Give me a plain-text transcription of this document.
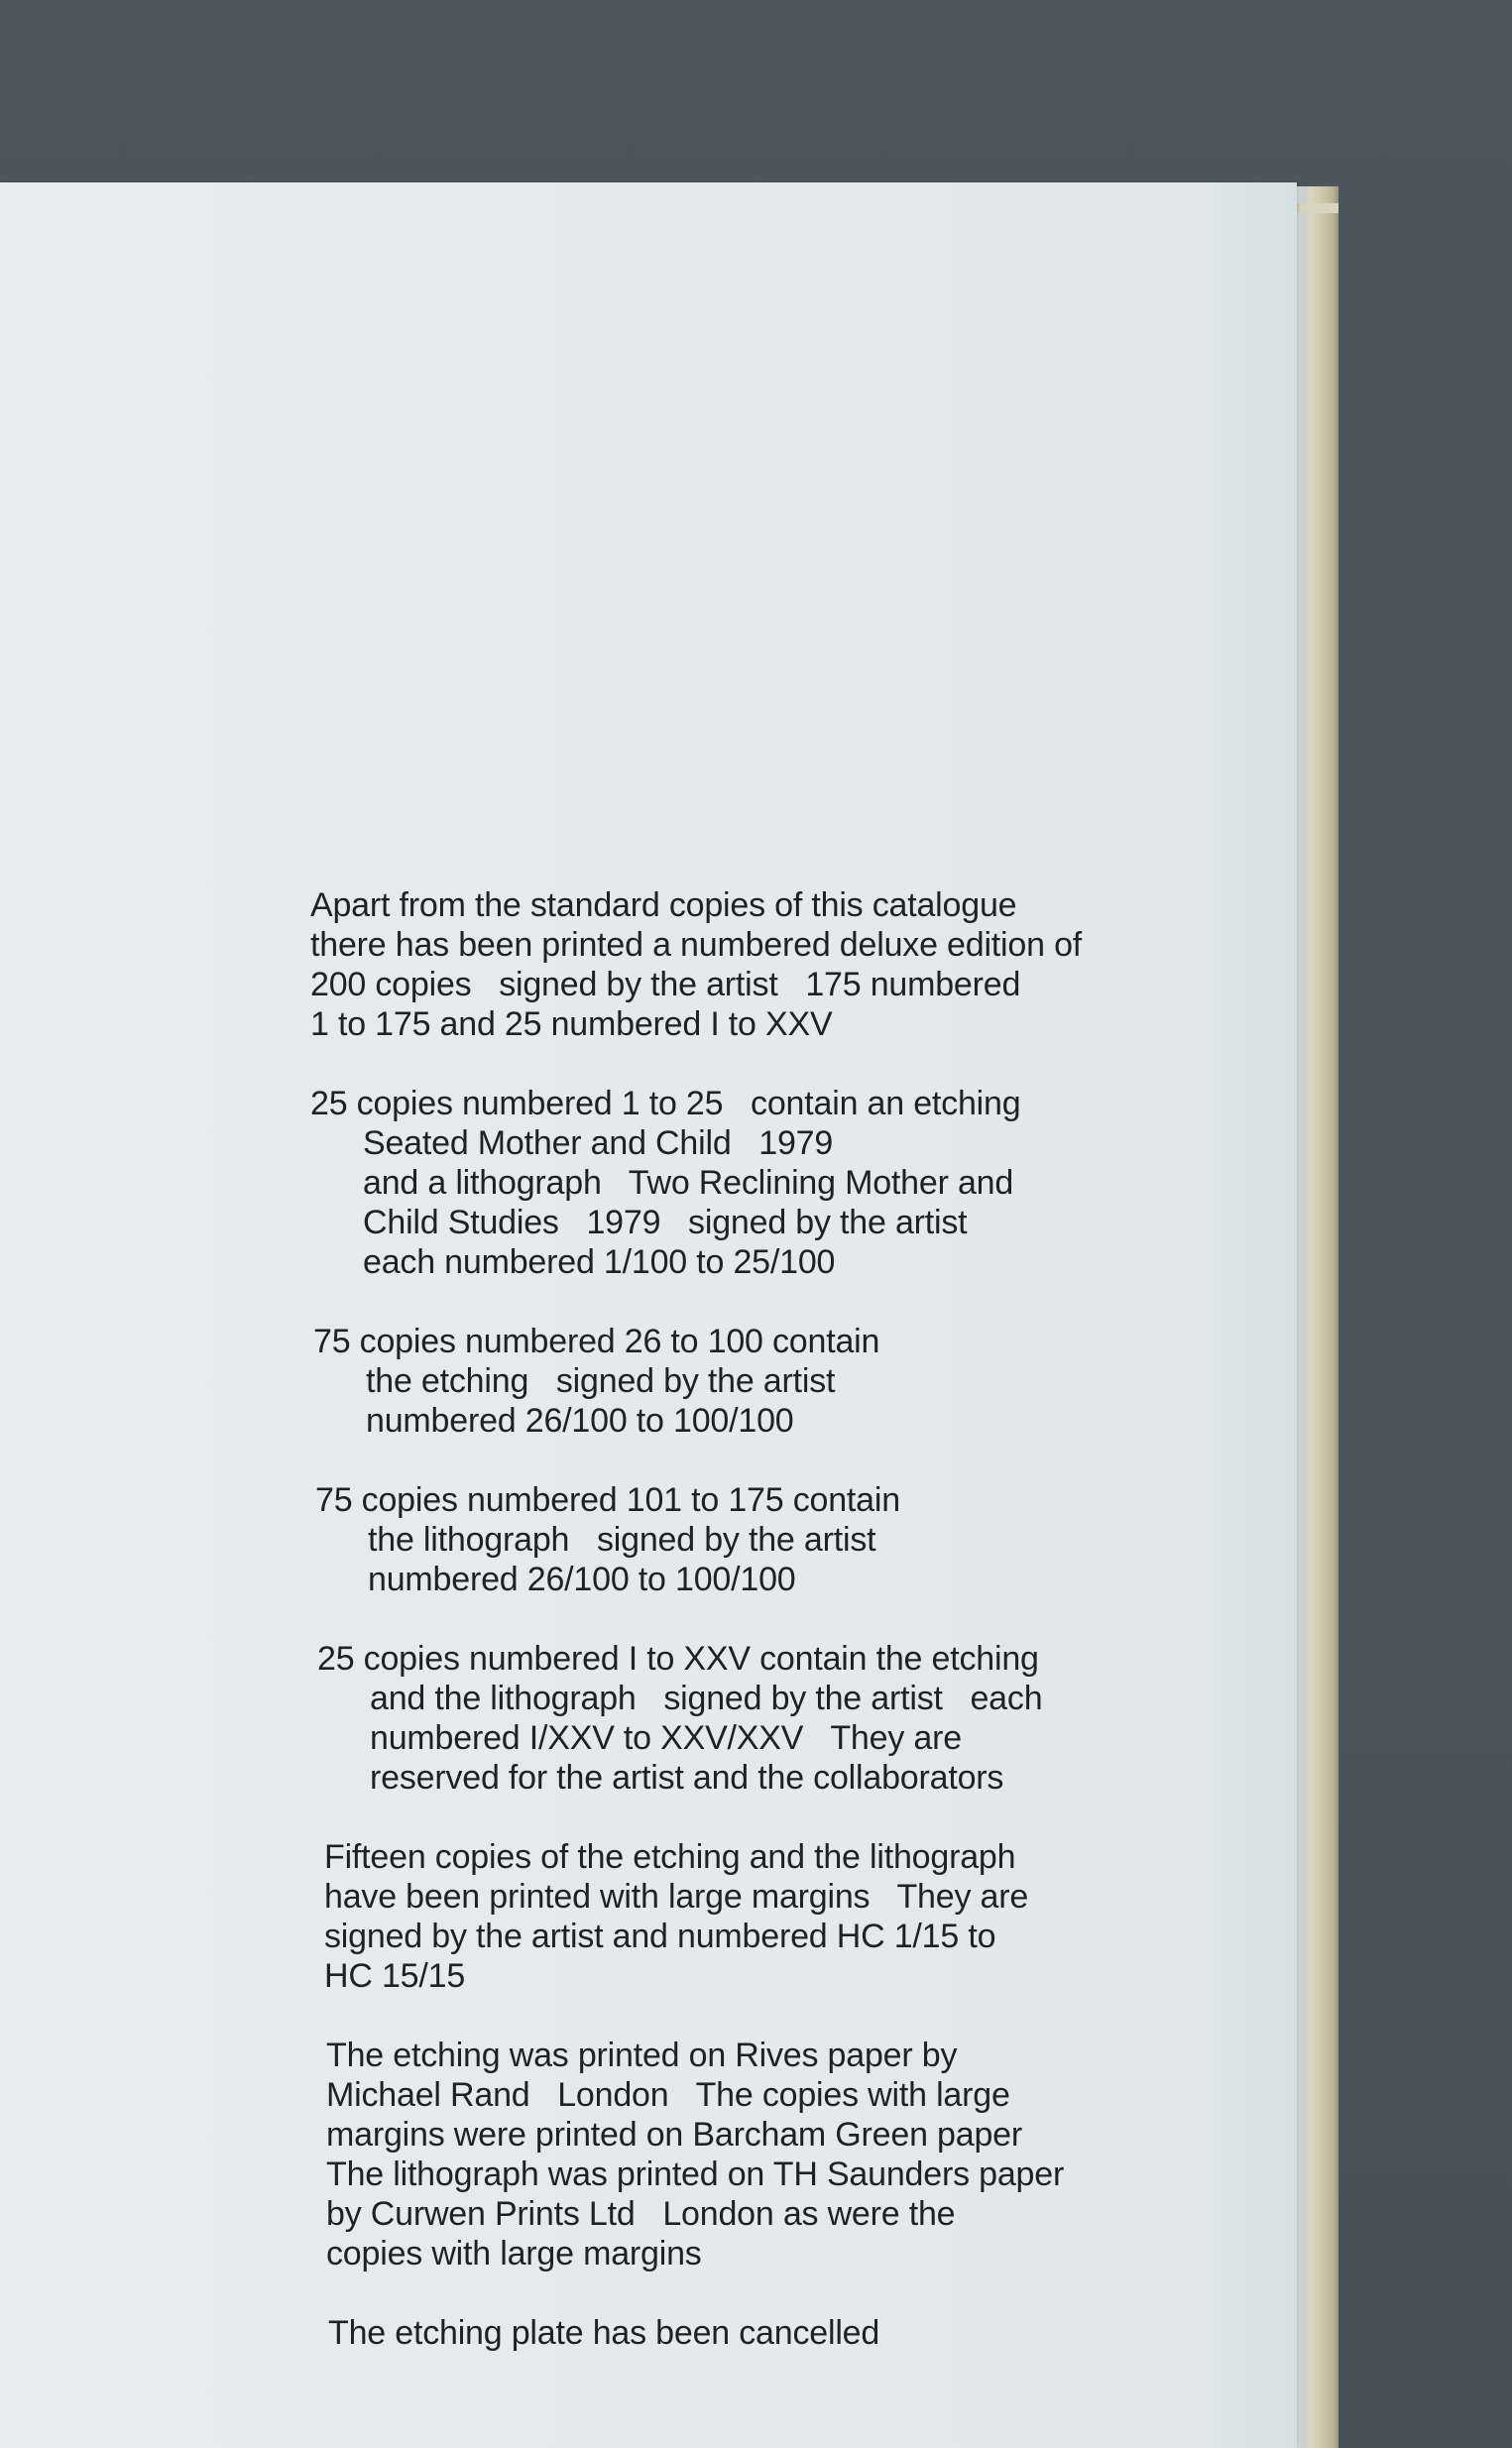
Apart from the standard copies of this catalogue

there has been printed a numbered deluxe edition of

200 copies   signed by the artist   175 numbered

1 to 175 and 25 numbered I to XXV

25 copies numbered 1 to 25   contain an etching

Seated Mother and Child   1979

and a lithograph   Two Reclining Mother and

Child Studies   1979   signed by the artist

each numbered 1/100 to 25/100

75 copies numbered 26 to 100 contain

the etching   signed by the artist

numbered 26/100 to 100/100

75 copies numbered 101 to 175 contain

the lithograph   signed by the artist

numbered 26/100 to 100/100

25 copies numbered I to XXV contain the etching

and the lithograph   signed by the artist   each

numbered I/XXV to XXV/XXV   They are

reserved for the artist and the collaborators

Fifteen copies of the etching and the lithograph

have been printed with large margins   They are

signed by the artist and numbered HC 1/15 to

HC 15/15

The etching was printed on Rives paper by

Michael Rand   London   The copies with large

margins were printed on Barcham Green paper

The lithograph was printed on TH Saunders paper

by Curwen Prints Ltd   London as were the

copies with large margins

The etching plate has been cancelled
